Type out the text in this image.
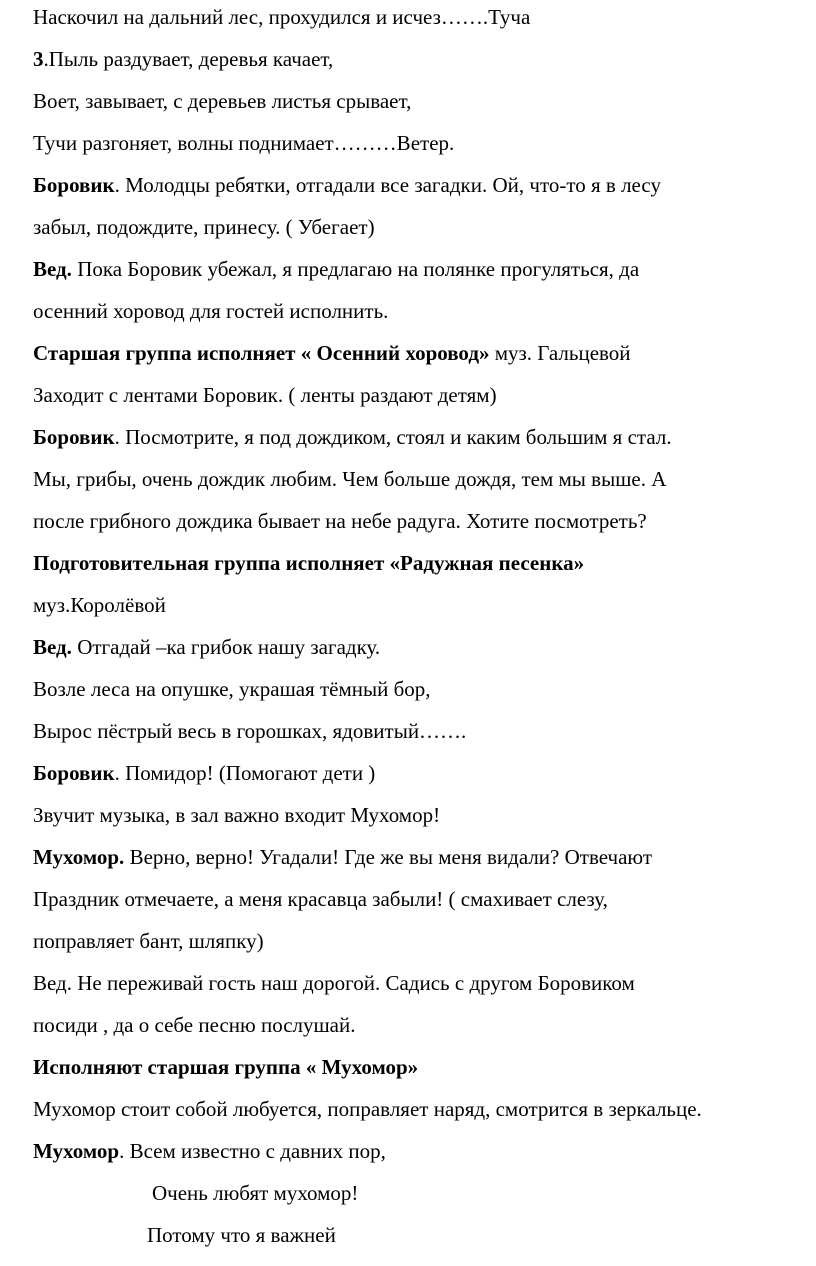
Наскочил на дальний лес, прохудился и исчез…….Туча
3.Пыль раздувает, деревья качает,
Воет, завывает, с деревьев листья срывает,
Тучи разгоняет, волны поднимает………Ветер.
Боровик. Молодцы ребятки, отгадали все загадки. Ой, что-то я в лесу
забыл, подождите, принесу. ( Убегает)
Вед. Пока Боровик убежал, я предлагаю на полянке прогуляться, да
осенний хоровод для гостей исполнить.
Старшая группа исполняет « Осенний хоровод» муз. Гальцевой
Заходит с лентами Боровик. ( ленты раздают детям)
Боровик. Посмотрите, я под дождиком, стоял и каким большим я стал.
Мы, грибы, очень дождик любим. Чем больше дождя, тем мы выше. А
после грибного дождика бывает на небе радуга. Хотите посмотреть?
Подготовительная группа исполняет «Радужная песенка»
муз.Королёвой
Вед. Отгадай –ка грибок нашу загадку.
Возле леса на опушке, украшая тёмный бор,
Вырос пёстрый весь в горошках, ядовитый…….
Боровик. Помидор! (Помогают дети )
Звучит музыка, в зал важно входит Мухомор!
Мухомор. Верно, верно! Угадали! Где же вы меня видали? Отвечают
Праздник отмечаете, а меня красавца забыли! ( смахивает слезу,
поправляет бант, шляпку)
Вед. Не переживай гость наш дорогой. Садись с другом Боровиком
посиди , да о себе песню послушай.
Исполняют старшая группа « Мухомор»
Мухомор стоит собой любуется, поправляет наряд, смотрится в зеркальце.
Мухомор. Всем известно с давних пор,
Очень любят мухомор!
Потому что я важней
